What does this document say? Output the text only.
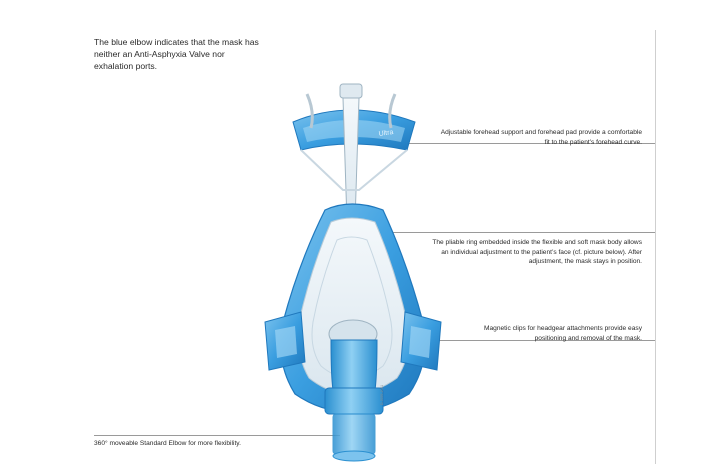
The blue elbow indicates that the mask has neither an Anti-Asphyxia Valve nor exhalation ports.

Ultra
D-3359-2011

Adjustable forehead support and forehead pad provide a comfortable fit to the patient’s forehead curve.

The pliable ring embedded inside the flexible and soft mask body allows an individual adjustment to the patient’s face (cf. picture below). After adjustment, the mask stays in position.

Magnetic clips for headgear attachments provide easy positioning and removal of the mask.

360° moveable Standard Elbow for more flexibility.
